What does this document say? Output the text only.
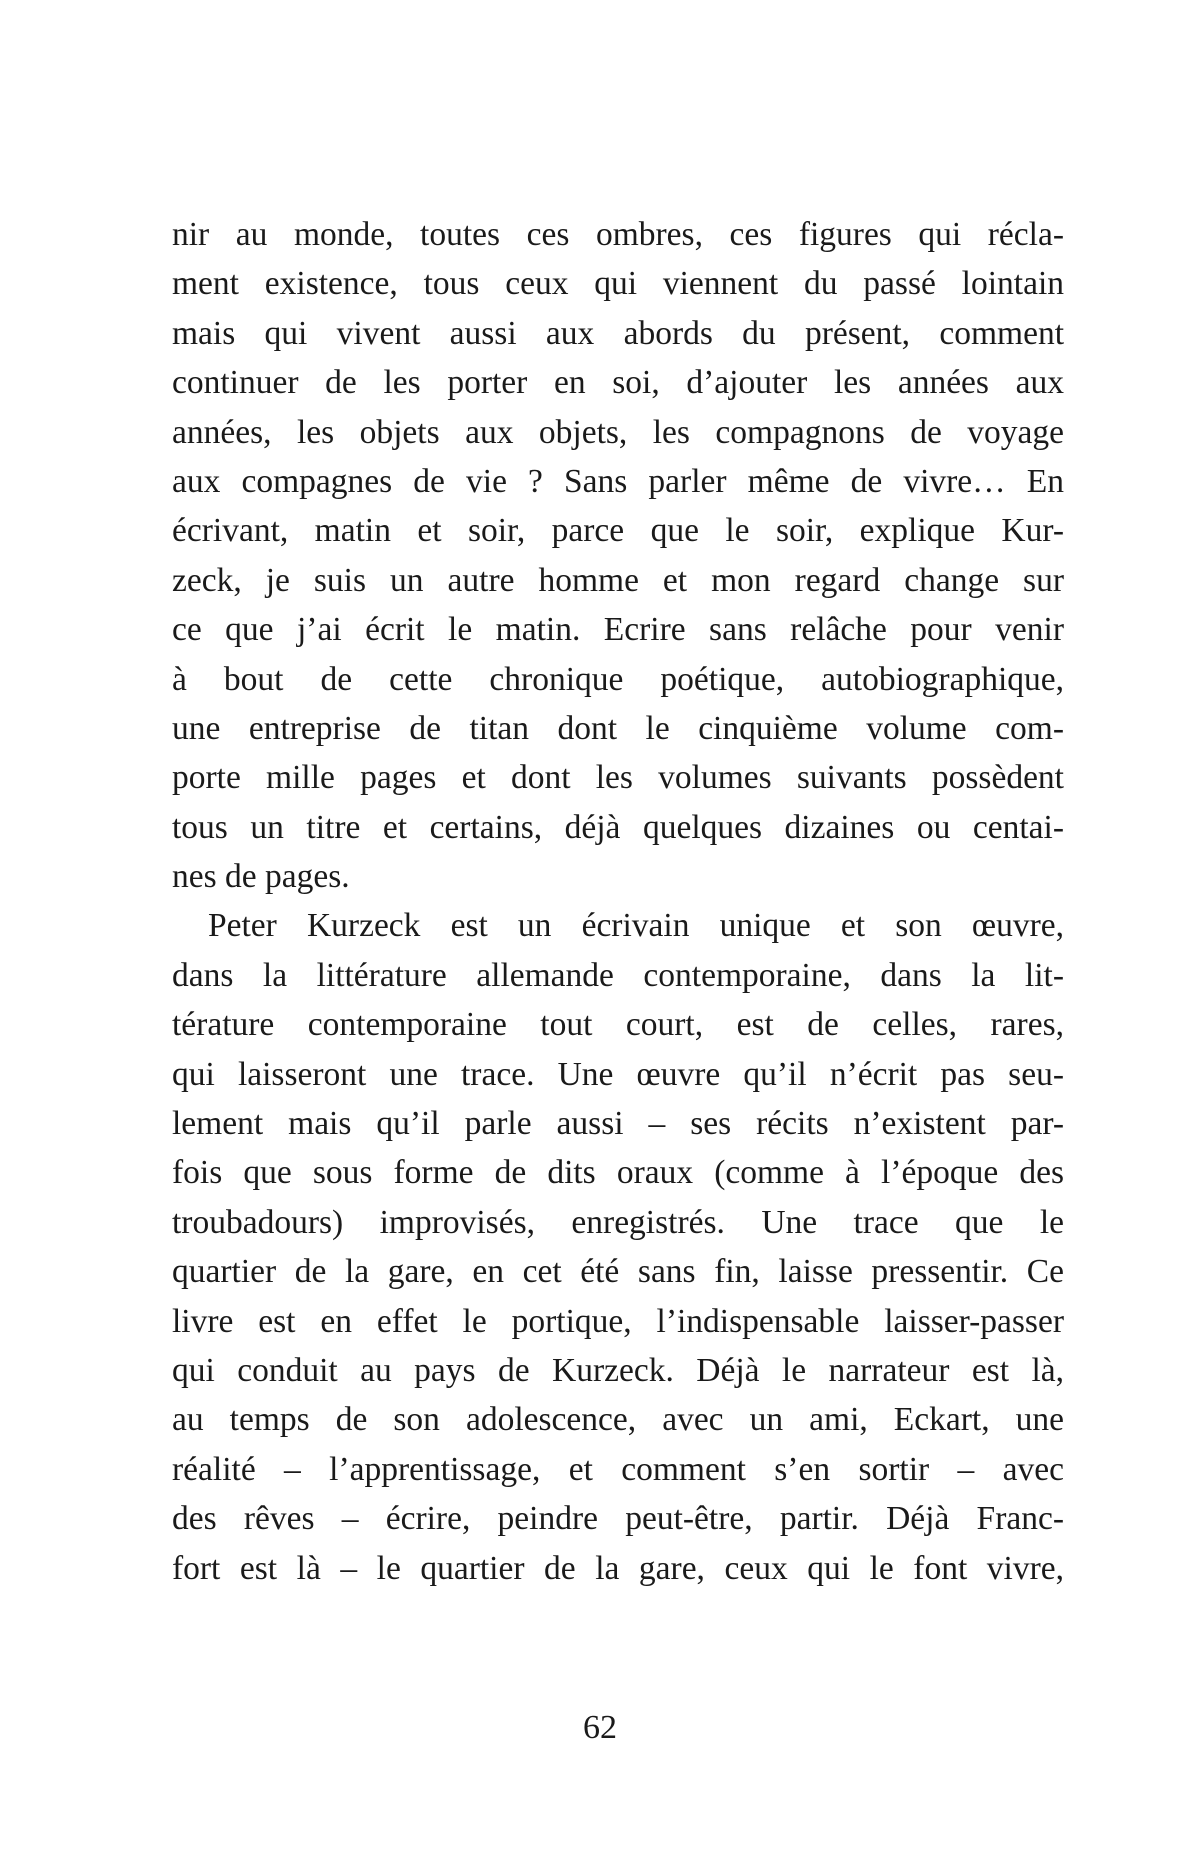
nir au monde, toutes ces ombres, ces figures qui récla-
ment existence, tous ceux qui viennent du passé lointain
mais qui vivent aussi aux abords du présent, comment
continuer de les porter en soi, d’ajouter les années aux
années, les objets aux objets, les compagnons de voyage
aux compagnes de vie ? Sans parler même de vivre… En
écrivant, matin et soir, parce que le soir, explique Kur-
zeck, je suis un autre homme et mon regard change sur
ce que j’ai écrit le matin. Ecrire sans relâche pour venir
à bout de cette chronique poétique, autobiographique,
une entreprise de titan dont le cinquième volume com-
porte mille pages et dont les volumes suivants possèdent
tous un titre et certains, déjà quelques dizaines ou centai-
nes de pages.
Peter Kurzeck est un écrivain unique et son œuvre,
dans la littérature allemande contemporaine, dans la lit-
térature contemporaine tout court, est de celles, rares,
qui laisseront une trace. Une œuvre qu’il n’écrit pas seu-
lement mais qu’il parle aussi – ses récits n’existent par-
fois que sous forme de dits oraux (comme à l’époque des
troubadours) improvisés, enregistrés. Une trace que le
quartier de la gare, en cet été sans fin, laisse pressentir. Ce
livre est en effet le portique, l’indispensable laisser-passer
qui conduit au pays de Kurzeck. Déjà le narrateur est là,
au temps de son adolescence, avec un ami, Eckart, une
réalité – l’apprentissage, et comment s’en sortir – avec
des rêves – écrire, peindre peut-être, partir. Déjà Franc-
fort est là – le quartier de la gare, ceux qui le font vivre,
62
